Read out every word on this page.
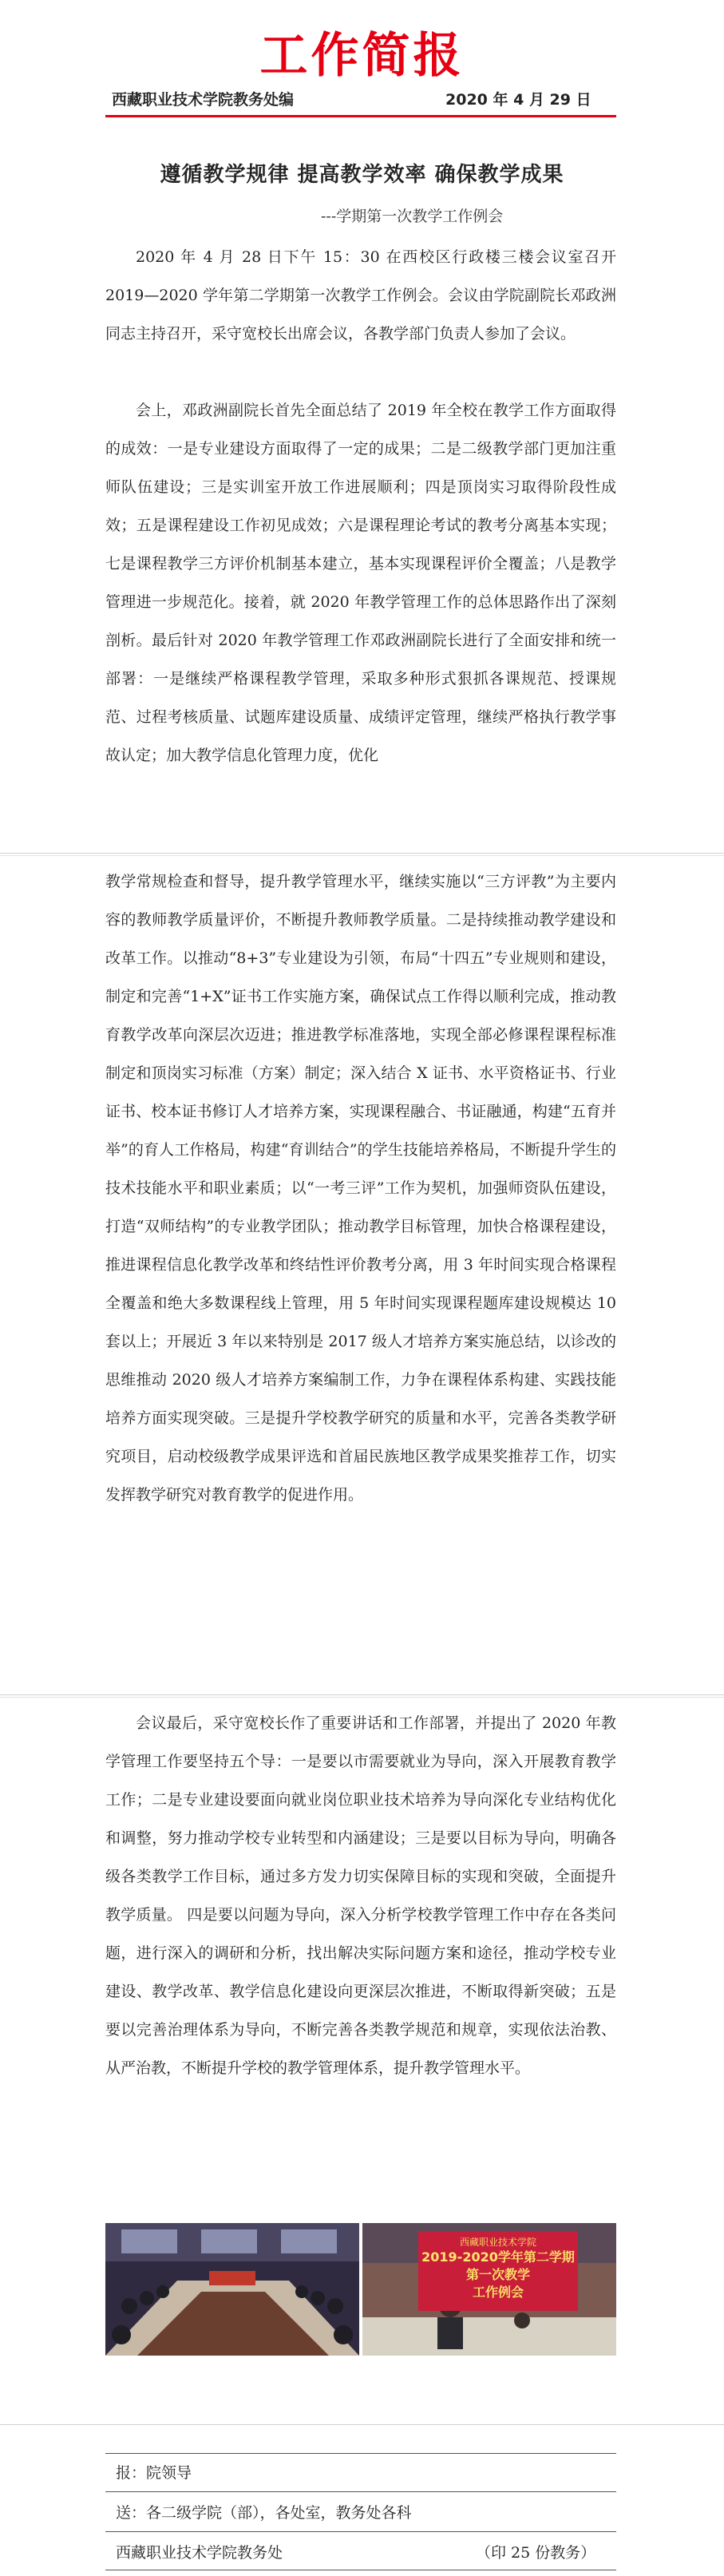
工作简报
西藏职业技术学院教务处编	2020 年 4 月 29 日
遵循教学规律 提高教学效率 确保教学成果
---学期第一次教学工作例会
2020 年 4 月 28 日下午 15：30 在西校区行政楼三楼会议室召开 2019—2020 学年第二学期第一次教学工作例会。会议由学院副院长邓政洲同志主持召开，采守宽校长出席会议，各教学部门负责人参加了会议。
会上，邓政洲副院长首先全面总结了 2019 年全校在教学工作方面取得的成效：一是专业建设方面取得了一定的成果；二是二级教学部门更加注重师队伍建设；三是实训室开放工作进展顺利；四是顶岗实习取得阶段性成效；五是课程建设工作初见成效；六是课程理论考试的教考分离基本实现；七是课程教学三方评价机制基本建立，基本实现课程评价全覆盖；八是教学管理进一步规范化。接着，就 2020 年教学管理工作的总体思路作出了深刻剖析。最后针对 2020 年教学管理工作邓政洲副院长进行了全面安排和统一部署：一是继续严格课程教学管理，采取多种形式狠抓各课规范、授课规范、过程考核质量、试题库建设质量、成绩评定管理，继续严格执行教学事故认定；加大教学信息化管理力度，优化
教学常规检查和督导，提升教学管理水平，继续实施以“三方评教”为主要内容的教师教学质量评价，不断提升教师教学质量。二是持续推动教学建设和改革工作。以推动“8+3”专业建设为引领，布局“十四五”专业规则和建设，制定和完善“1+X”证书工作实施方案，确保试点工作得以顺利完成，推动教育教学改革向深层次迈进；推进教学标准落地，实现全部必修课程课程标准制定和顶岗实习标准（方案）制定；深入结合 X 证书、水平资格证书、行业证书、校本证书修订人才培养方案，实现课程融合、书证融通，构建“五育并举”的育人工作格局，构建“育训结合”的学生技能培养格局，不断提升学生的技术技能水平和职业素质；以“一考三评”工作为契机，加强师资队伍建设，打造“双师结构”的专业教学团队；推动教学目标管理，加快合格课程建设，推进课程信息化教学改革和终结性评价教考分离，用 3 年时间实现合格课程全覆盖和绝大多数课程线上管理，用 5 年时间实现课程题库建设规模达 10 套以上；开展近 3 年以来特别是 2017 级人才培养方案实施总结，以诊改的思维推动 2020 级人才培养方案编制工作，力争在课程体系构建、实践技能培养方面实现突破。三是提升学校教学研究的质量和水平，完善各类教学研究项目，启动校级教学成果评选和首届民族地区教学成果奖推荐工作，切实发挥教学研究对教育教学的促进作用。
会议最后，采守宽校长作了重要讲话和工作部署，并提出了 2020 年教学管理工作要坚持五个导：一是要以市需要就业为导向，深入开展教育教学工作；二是专业建设要面向就业岗位职业技术培养为导向深化专业结构优化和调整，努力推动学校专业转型和内涵建设；三是要以目标为导向，明确各级各类教学工作目标，通过多方发力切实保障目标的实现和突破，全面提升教学质量。 四是要以问题为导向，深入分析学校教学管理工作中存在各类问题，进行深入的调研和分析，找出解决实际问题方案和途径，推动学校专业建设、教学改革、教学信息化建设向更深层次推进，不断取得新突破；五是要以完善治理体系为导向，不断完善各类教学规范和规章，实现依法治教、从严治教，不断提升学校的教学管理体系，提升教学管理水平。
西藏职业技术学院
2019-2020学年第二学期
第一次教学
工作例会
报：院领导
送：各二级学院（部），各处室，教务处各科
西藏职业技术学院教务处	（印 25 份教务）
